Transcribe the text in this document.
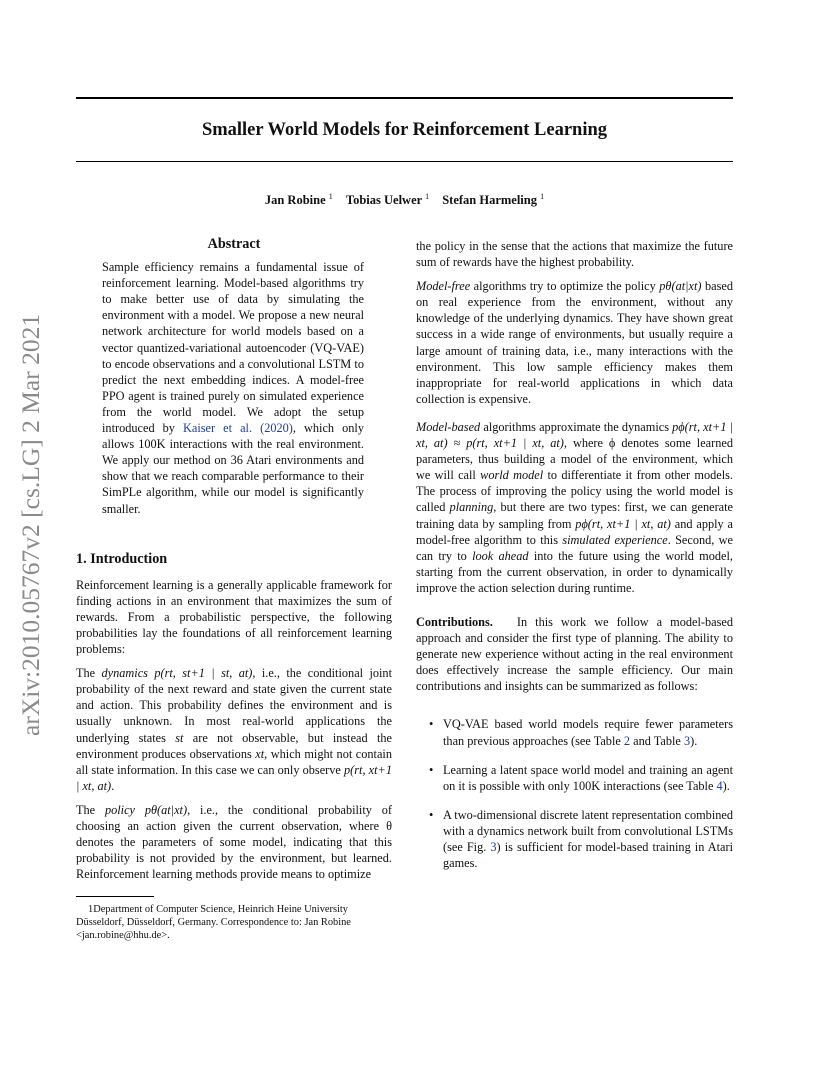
Smaller World Models for Reinforcement Learning
Jan Robine $^1$ Tobias Uelwer $^1$ Stefan Harmeling $^1$
arXiv:2010.05767v2 [cs.LG] 2 Mar 2021
Abstract
Sample efficiency remains a fundamental issue of reinforcement learning. Model-based algorithms try to make better use of data by simulating the environment with a model. We propose a new neural network architecture for world models based on a vector quantized-variational autoencoder (VQ-VAE) to encode observations and a convolutional LSTM to predict the next embedding indices. A model-free PPO agent is trained purely on simulated experience from the world model. We adopt the setup introduced by Kaiser et al. (2020), which only allows 100K interactions with the real environment. We apply our method on 36 Atari environments and show that we reach comparable performance to their SimPLe algorithm, while our model is significantly smaller.
1. Introduction

Reinforcement learning is a generally applicable framework for finding actions in an environment that maximizes the sum of rewards. From a probabilistic perspective, the following probabilities lay the foundations of all reinforcement learning problems:

The dynamics p(rt, st+1 | st, at), i.e., the conditional joint probability of the next reward and state given the current state and action. This probability defines the environment and is usually unknown. In most real-world applications the underlying states st are not observable, but instead the environment produces observations xt, which might not contain all state information. In this case we can only observe p(rt, xt+1 | xt, at).

The policy pθ(at|xt), i.e., the conditional probability of choosing an action given the current observation, where θ denotes the parameters of some model, indicating that this probability is not provided by the environment, but learned. Reinforcement learning methods provide means to optimize

1Department of Computer Science, Heinrich Heine University Düsseldorf, Düsseldorf, Germany. Correspondence to: Jan Robine <jan.robine@hhu.de>.

the policy in the sense that the actions that maximize the future sum of rewards have the highest probability.

Model-free algorithms try to optimize the policy pθ(at|xt) based on real experience from the environment, without any knowledge of the underlying dynamics. They have shown great success in a wide range of environments, but usually require a large amount of training data, i.e., many interactions with the environment. This low sample efficiency makes them inappropriate for real-world applications in which data collection is expensive.

Model-based algorithms approximate the dynamics pϕ(rt, xt+1 | xt, at) ≈ p(rt, xt+1 | xt, at), where ϕ denotes some learned parameters, thus building a model of the environment, which we will call world model to differentiate it from other models. The process of improving the policy using the world model is called planning, but there are two types: first, we can generate training data by sampling from pϕ(rt, xt+1 | xt, at) and apply a model-free algorithm to this simulated experience. Second, we can try to look ahead into the future using the world model, starting from the current observation, in order to dynamically improve the action selection during runtime.

Contributions. In this work we follow a model-based approach and consider the first type of planning. The ability to generate new experience without acting in the real environment does effectively increase the sample efficiency. Our main contributions and insights can be summarized as follows:

• VQ-VAE based world models require fewer parameters than previous approaches (see Table 2 and Table 3).
• Learning a latent space world model and training an agent on it is possible with only 100K interactions (see Table 4).
• A two-dimensional discrete latent representation combined with a dynamics network built from convolutional LSTMs (see Fig. 3) is sufficient for model-based training in Atari games.
